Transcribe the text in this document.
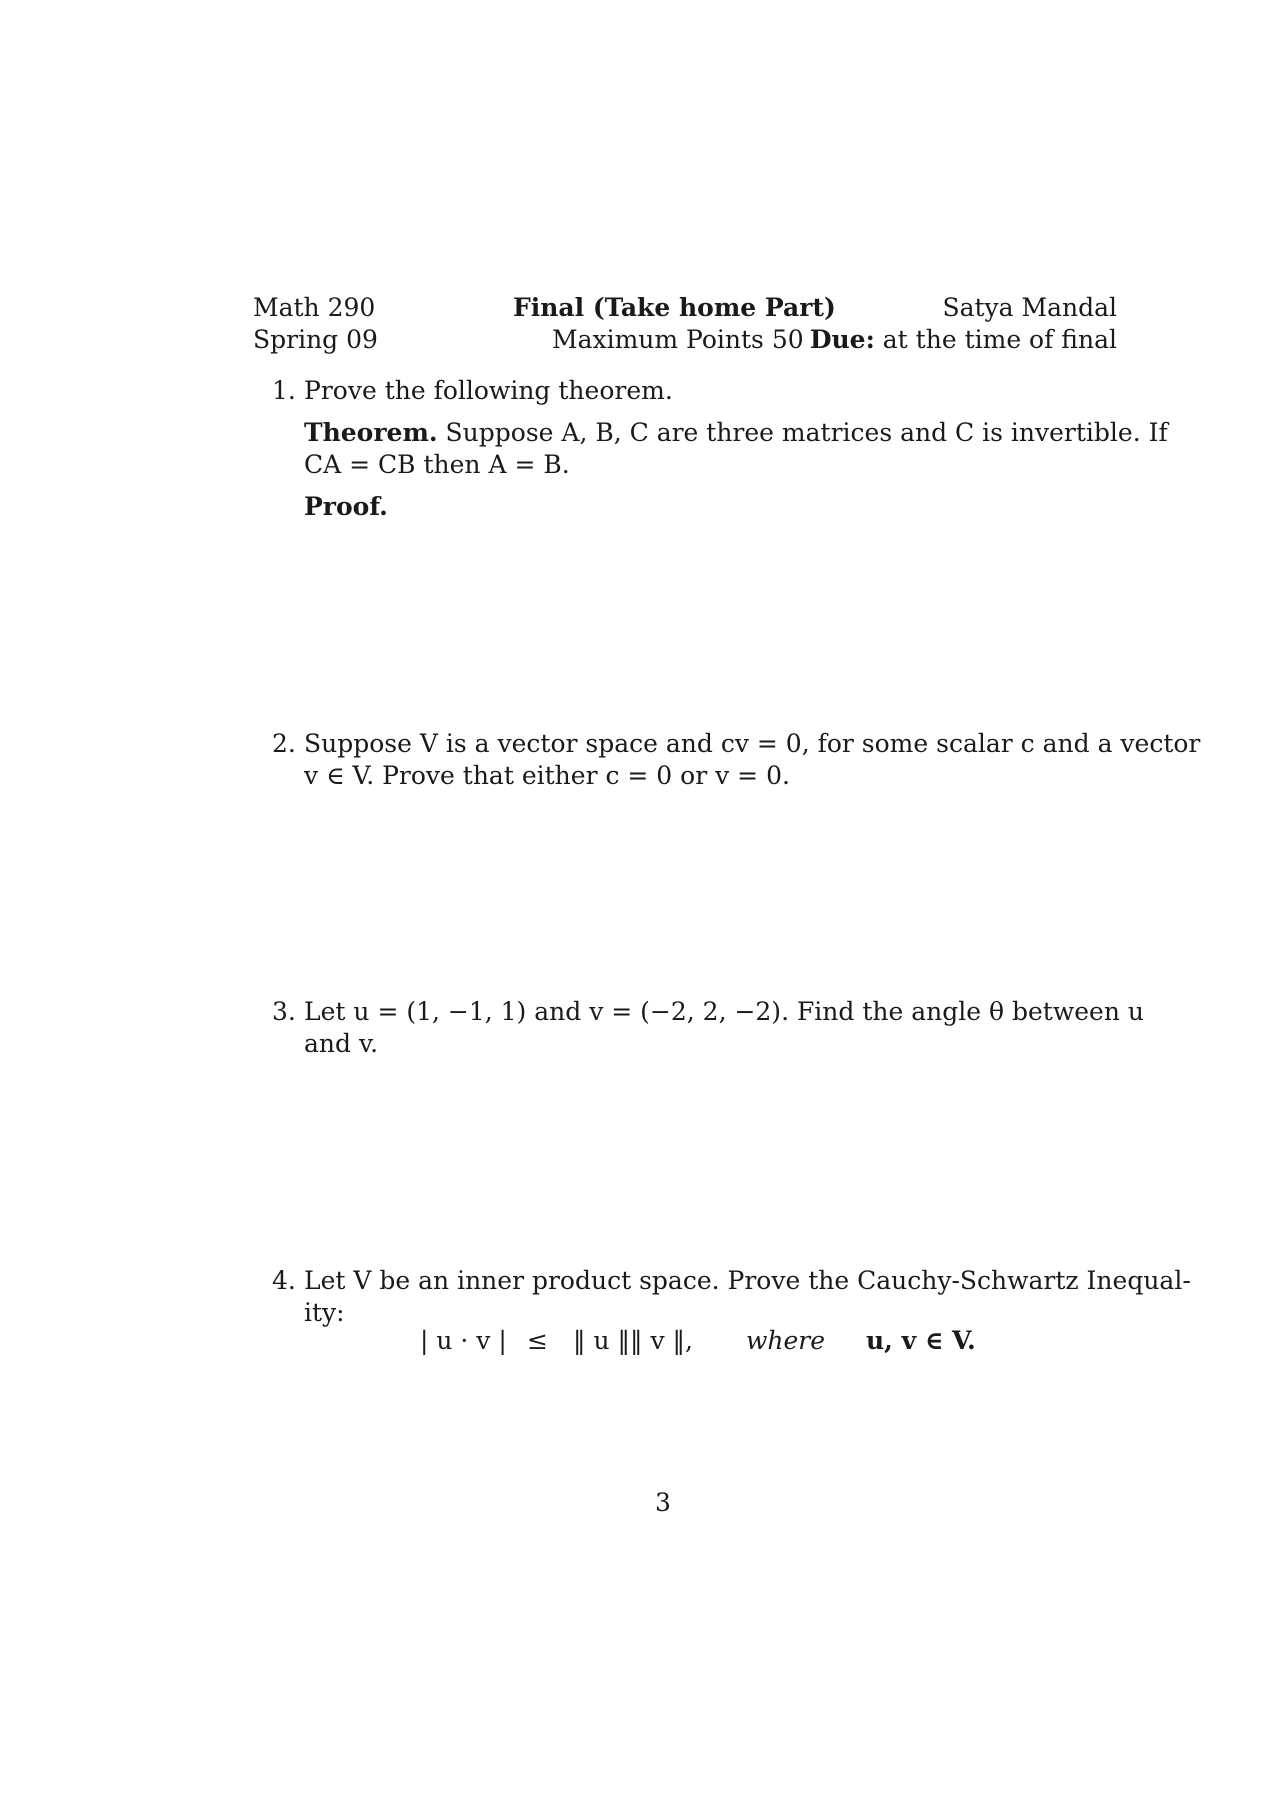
Math 290
Spring 09
Final (Take home Part)
Maximum Points 50
Satya Mandal
Due: at the time of final
1. Prove the following theorem.
Theorem. Suppose A, B, C are three matrices and C is invertible. If
CA = CB then A = B.
Proof.
2. Suppose V is a vector space and cv = 0, for some scalar c and a vector
v ∈ V. Prove that either c = 0 or v = 0.
3. Let u = (1, −1, 1) and v = (−2, 2, −2). Find the angle θ between u
and v.
4. Let V be an inner product space. Prove the Cauchy-Schwartz Inequal-
ity:
| u · v | ≤ ‖ u ‖‖ v ‖, where u, v ∈ V.
3
